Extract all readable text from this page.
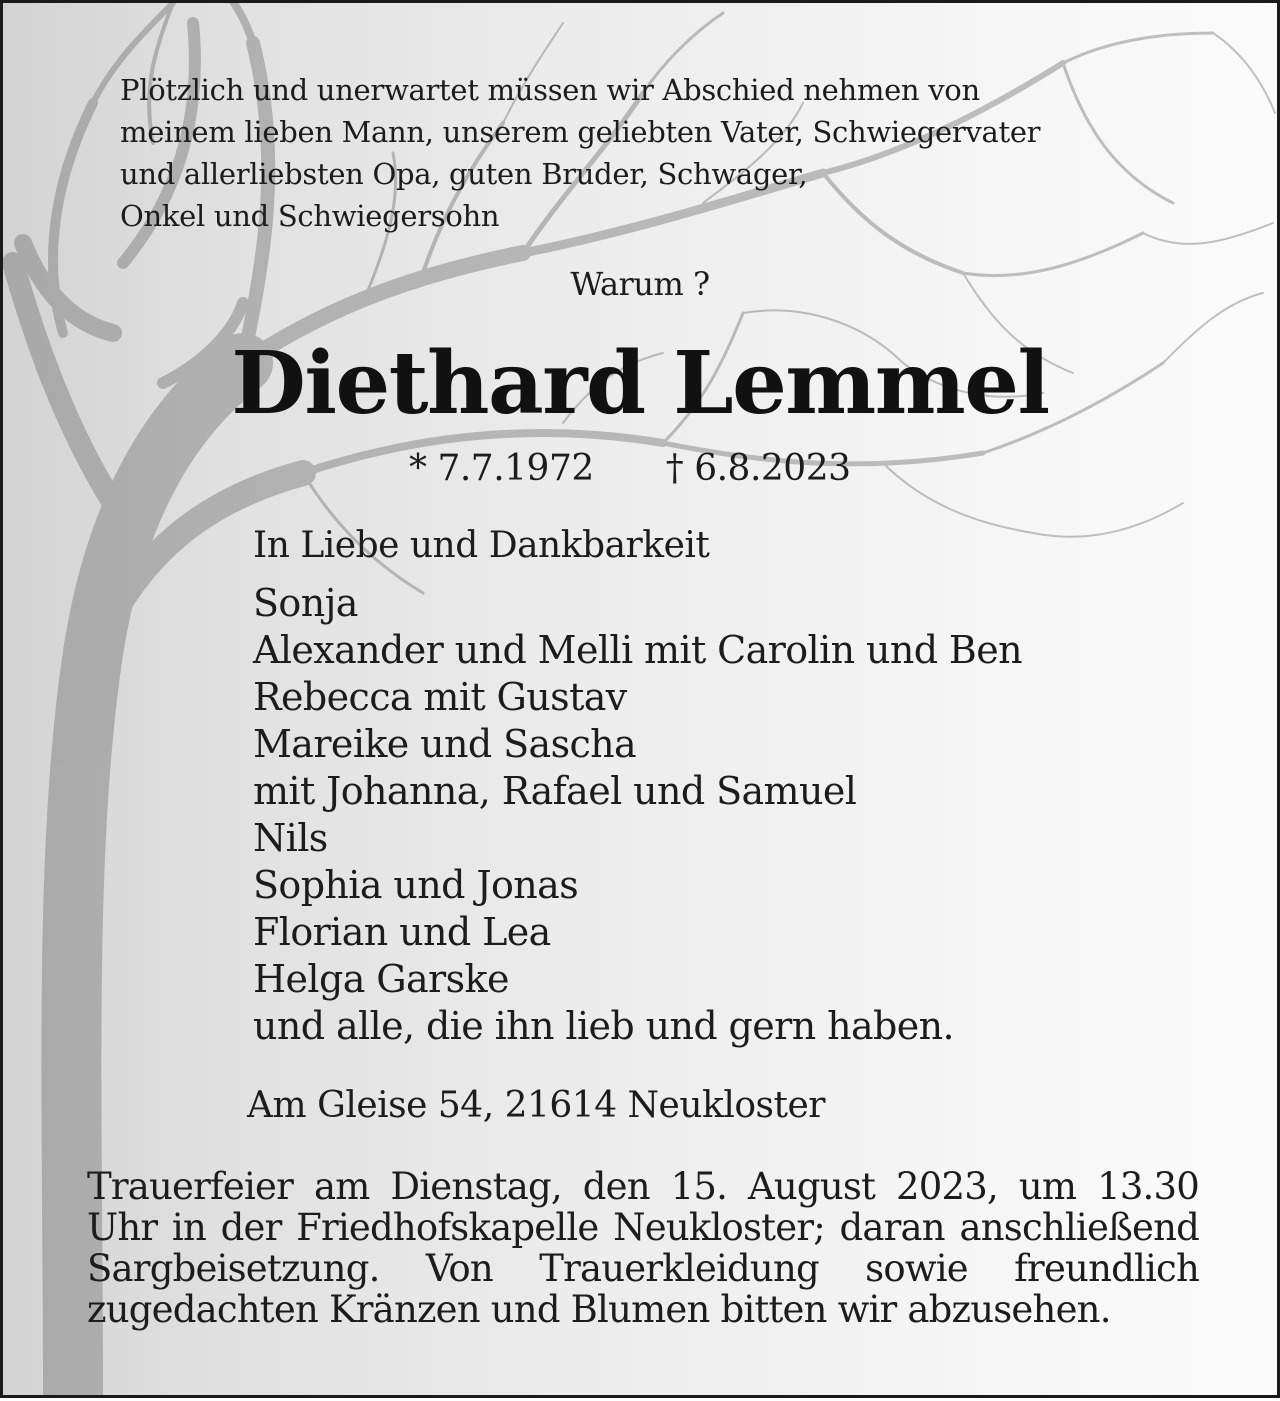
Plötzlich und unerwartet müssen wir Abschied nehmen von
meinem lieben Mann, unserem geliebten Vater, Schwiegervater
und allerliebsten Opa, guten Bruder, Schwager,
Onkel und Schwiegersohn
Warum ?
Diethard Lemmel
* 7.7.1972 † 6.8.2023
In Liebe und Dankbarkeit
Sonja
Alexander und Melli mit Carolin und Ben
Rebecca mit Gustav
Mareike und Sascha
mit Johanna, Rafael und Samuel
Nils
Sophia und Jonas
Florian und Lea
Helga Garske
und alle, die ihn lieb und gern haben.
Am Gleise 54, 21614 Neukloster
Trauerfeier am Dienstag, den 15. August 2023, um 13.30 Uhr in der Friedhofskapelle Neukloster; daran anschließend Sargbeisetzung. Von Trauerkleidung sowie freundlich zugedachten Kränzen und Blumen bitten wir abzusehen.
